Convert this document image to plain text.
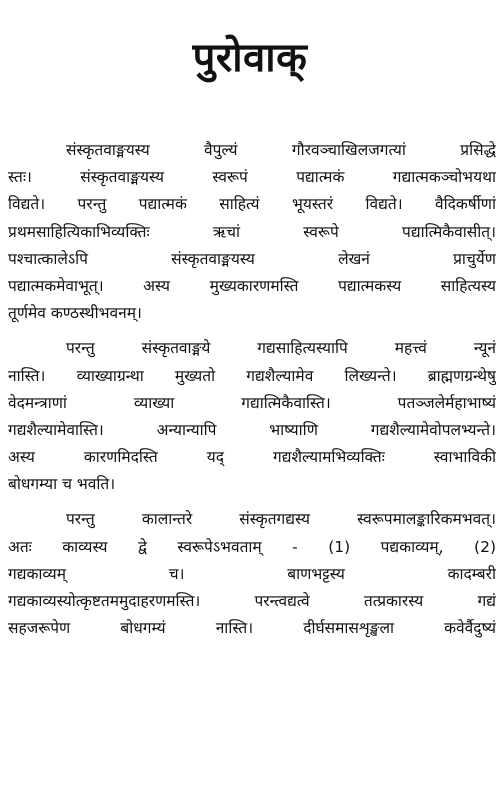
पुरोवाक्
संस्कृतवाङ्मयस्य वैपुल्यं गौरवञ्चाखिलजगत्यां प्रसिद्धे
स्तः। संस्कृतवाङ्मयस्य स्वरूपं पद्यात्मकं गद्यात्मकञ्चोभयथा
विद्यते। परन्तु पद्यात्मकं साहित्यं भूयस्तरं विद्यते। वैदिकर्षीणां
प्रथमसाहित्यिकाभिव्यक्तिः ऋचां स्वरूपे पद्यात्मिकैवासीत्।
पश्चात्कालेऽपि संस्कृतवाङ्मयस्य लेखनं प्राचुर्येण
पद्यात्मकमेवाभूत्। अस्य मुख्यकारणमस्ति पद्यात्मकस्य साहित्यस्य
तूर्णमेव कण्ठस्थीभवनम्।
परन्तु संस्कृतवाङ्मये गद्यसाहित्यस्यापि महत्त्वं न्यूनं
नास्ति। व्याख्याग्रन्था मुख्यतो गद्यशैल्यामेव लिख्यन्ते। ब्राह्मणग्रन्थेषु
वेदमन्त्राणां व्याख्या गद्यात्मिकैवास्ति। पतञ्जलेर्महाभाष्यं
गद्यशैल्यामेवास्ति। अन्यान्यापि भाष्याणि गद्यशैल्यामेवोपलभ्यन्ते।
अस्य कारणमिदस्ति यद् गद्यशैल्यामभिव्यक्तिः स्वाभाविकी
बोधगम्या च भवति।
परन्तु कालान्तरे संस्कृतगद्यस्य स्वरूपमालङ्कारिकमभवत्।
अतः काव्यस्य द्वे स्वरूपेऽभवताम् - (1) पद्यकाव्यम्, (2)
गद्यकाव्यम् च। बाणभट्टस्य कादम्बरी
गद्यकाव्यस्योत्कृष्टतममुदाहरणमस्ति। परन्त्वद्यत्वे तत्प्रकारस्य गद्यं
सहजरूपेण बोधगम्यं नास्ति। दीर्घसमासशृङ्खला कवेर्वैदुष्यं
